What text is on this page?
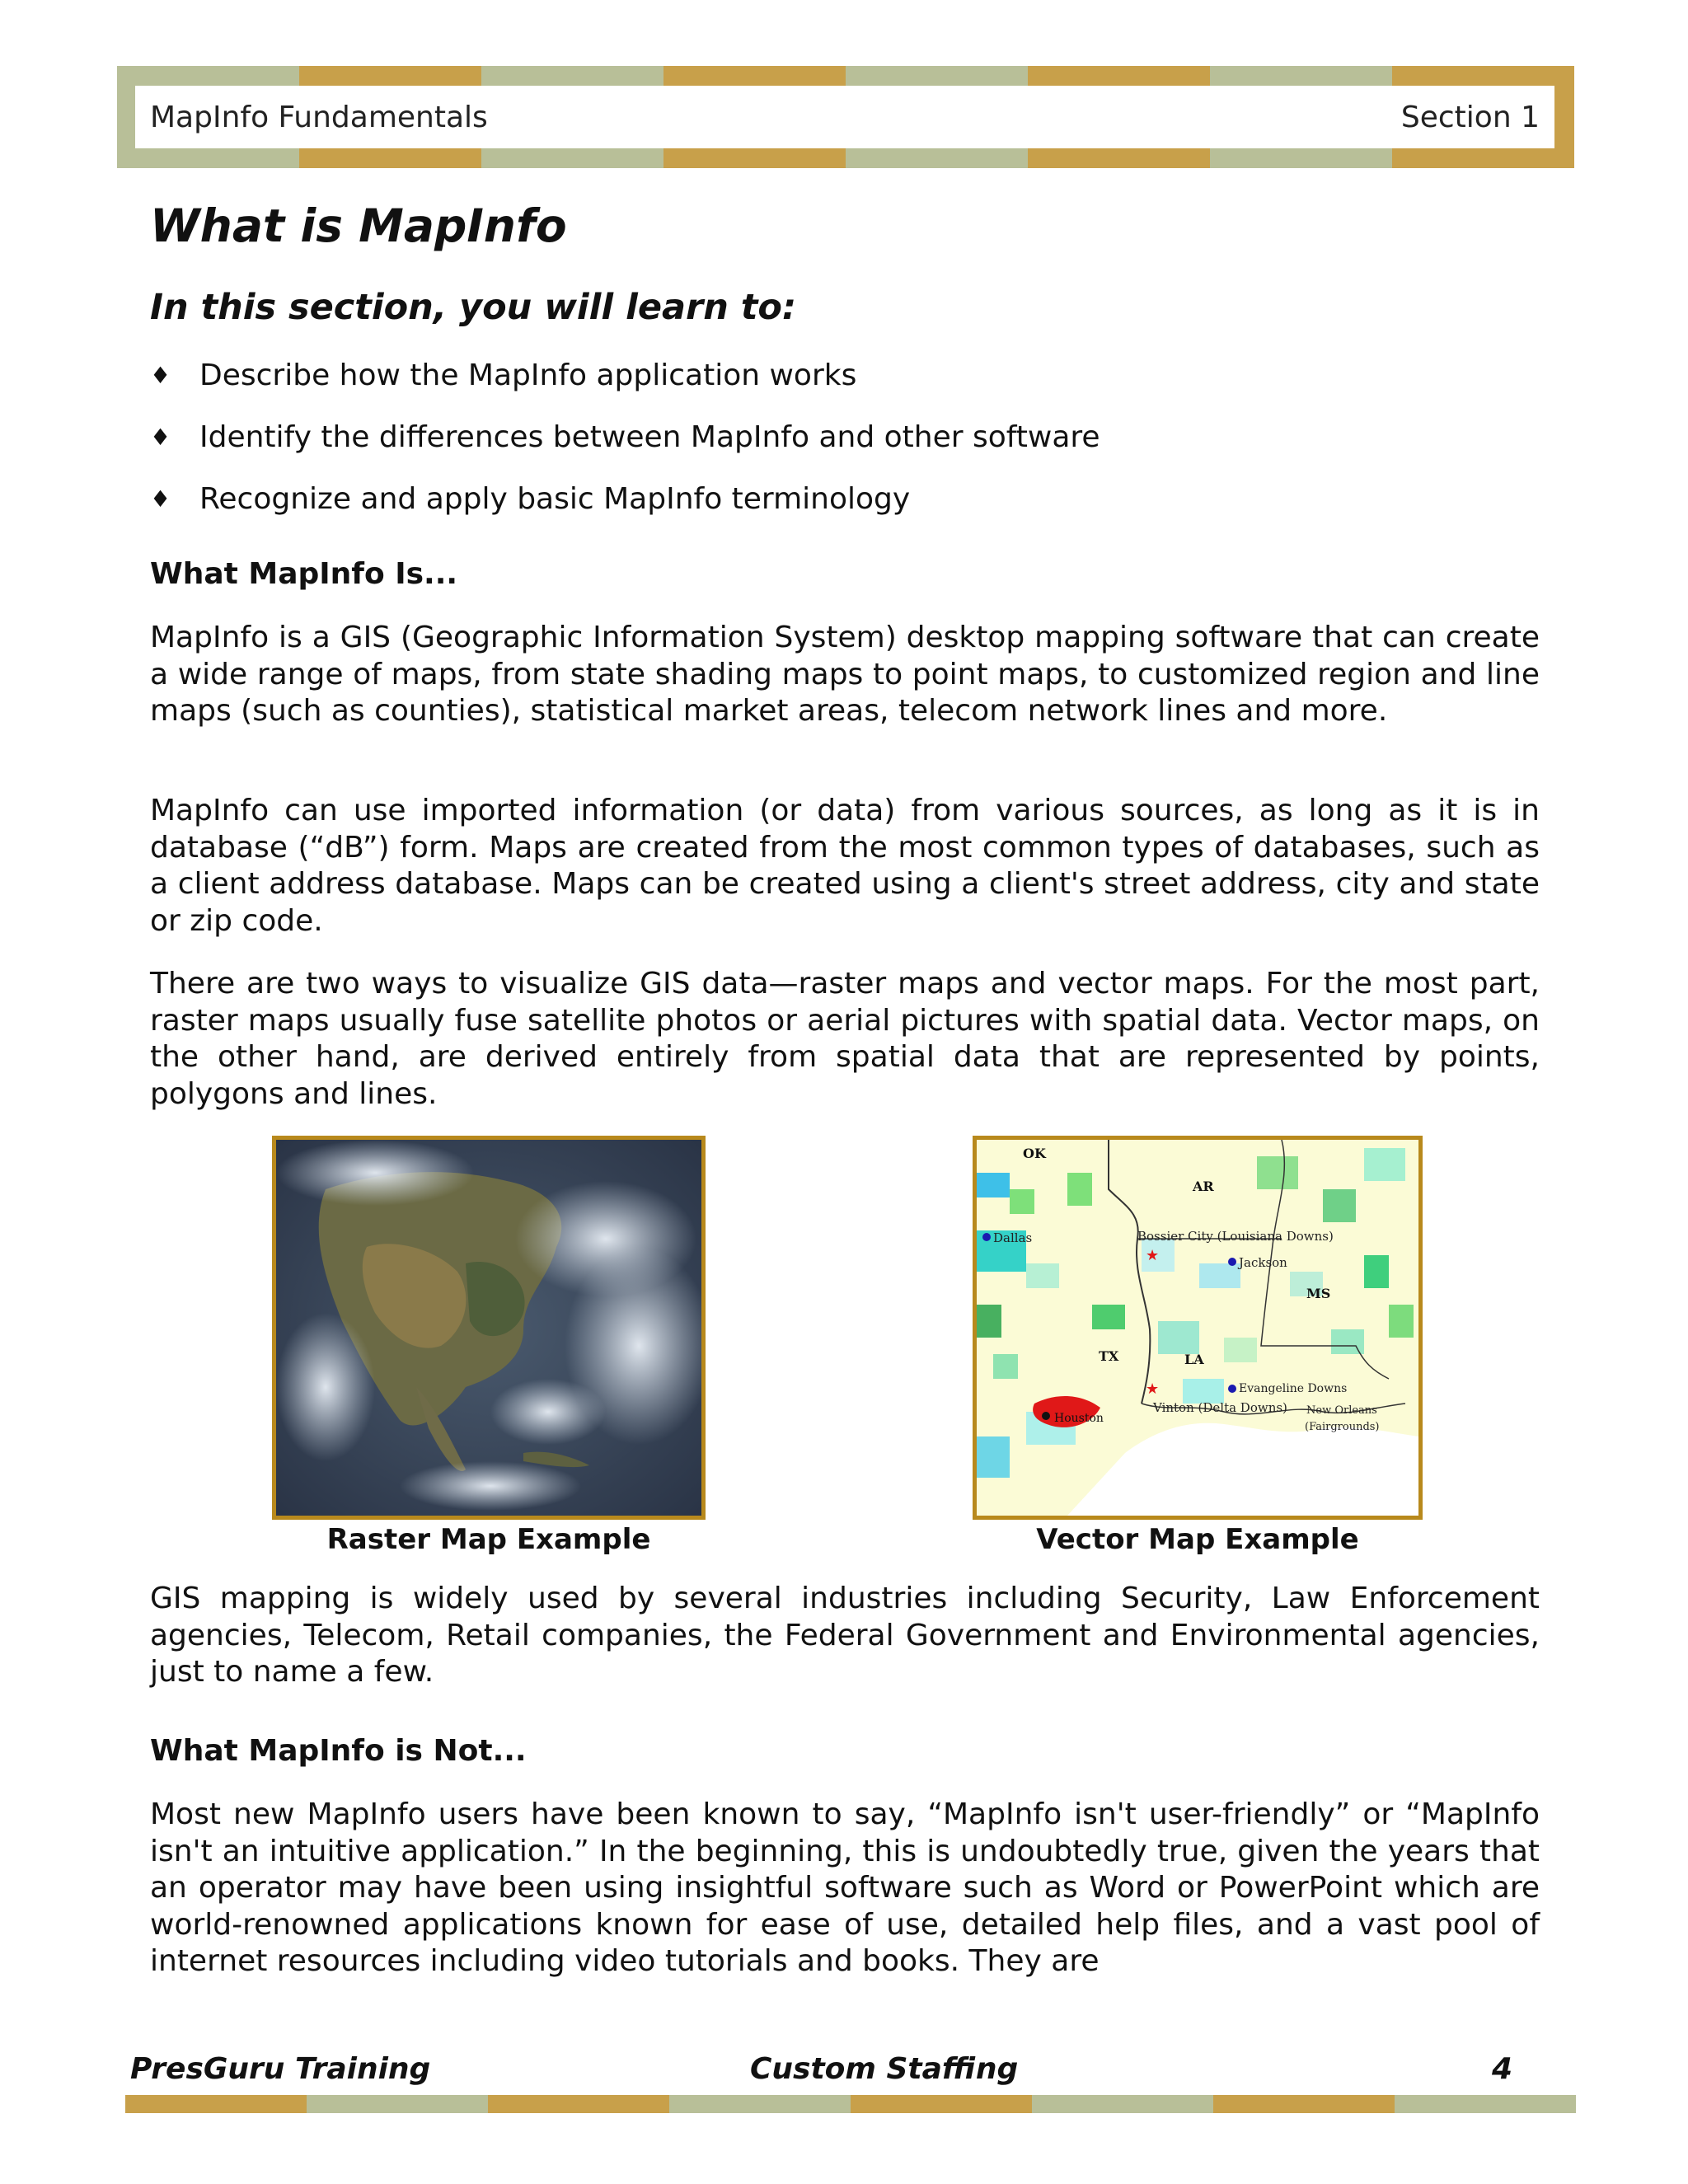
MapInfo Fundamentals	Section 1
What is MapInfo
In this section, you will learn to:
♦ Describe how the MapInfo application works
♦ Identify the differences between MapInfo and other software
♦ Recognize and apply basic MapInfo terminology
What MapInfo Is...

MapInfo is a GIS (Geographic Information System) desktop mapping software that can create a wide range of maps, from state shading maps to point maps, to customized region and line maps (such as counties), statistical market areas, telecom network lines and more.

MapInfo can use imported information (or data) from various sources, as long as it is in database (“dB”) form. Maps are created from the most common types of databases, such as a client address database. Maps can be created using a client's street address, city and state or zip code.

There are two ways to visualize GIS data—raster maps and vector maps. For the most part, raster maps usually fuse satellite photos or aerial pictures with spatial data. Vector maps, on the other hand, are derived entirely from spatial data that are represented by points, polygons and lines.

Raster Map Example
★
★
OK
AR
MS
TX	LA
Dallas	Bossier City (Louisiana Downs)
Jackson
Evangeline Downs
Vinton (Delta Downs) New Orleans
(Fairgrounds)
Houston
Vector Map Example

GIS mapping is widely used by several industries including Security, Law Enforcement agencies, Telecom, Retail companies, the Federal Government and Environmental agencies, just to name a few.

What MapInfo is Not...

Most new MapInfo users have been known to say, “MapInfo isn't user-friendly” or “MapInfo isn't an intuitive application.” In the beginning, this is undoubtedly true, given the years that an operator may have been using insightful software such as Word or PowerPoint which are world-renowned applications known for ease of use, detailed help files, and a vast pool of internet resources including video tutorials and books. They are

PresGuru Training	Custom Staffing	4
